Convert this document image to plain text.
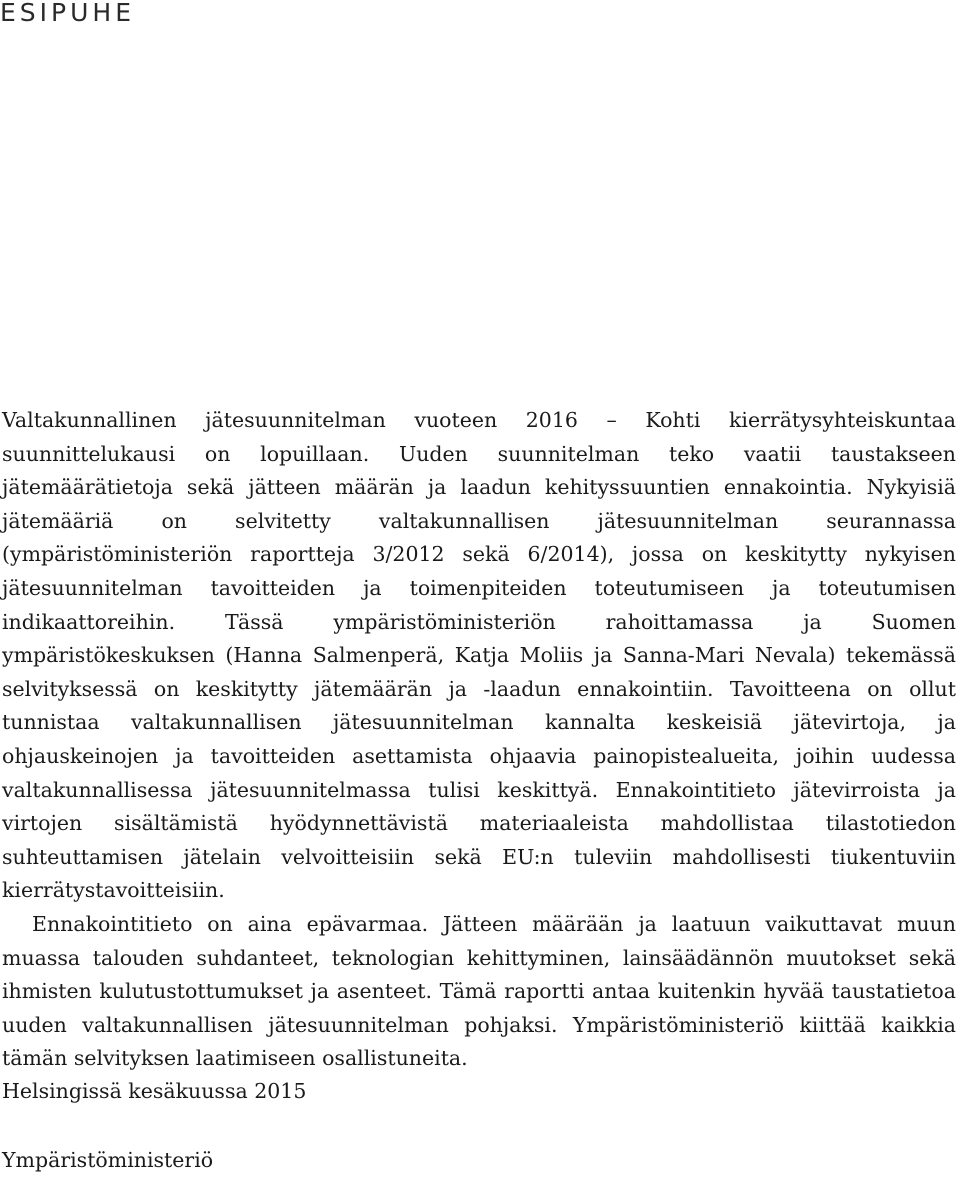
ESIPUHE

Valtakunnallinen jätesuunnitelman vuoteen 2016 – Kohti kierrätysyhteiskuntaa suunnittelukausi on lopuillaan. Uuden suunnitelman teko vaatii taustakseen jätemäärätietoja sekä jätteen määrän ja laadun kehityssuuntien ennakointia. Nykyisiä jätemääriä on selvitetty valtakunnallisen jätesuunnitelman seurannassa (ympäristöministeriön raportteja 3/2012 sekä 6/2014), jossa on keskitytty nykyisen jätesuunnitelman tavoitteiden ja toimenpiteiden toteutumiseen ja toteutumisen indikaattoreihin. Tässä ympäristöministeriön rahoittamassa ja Suomen ympäristökeskuksen (Hanna Salmenperä, Katja Moliis ja Sanna-Mari Nevala) tekemässä selvityksessä on keskitytty jätemäärän ja -laadun ennakointiin. Tavoitteena on ollut tunnistaa valtakunnallisen jätesuunnitelman kannalta keskeisiä jätevirtoja, ja ohjauskeinojen ja tavoitteiden asettamista ohjaavia painopistealueita, joihin uudessa valtakunnallisessa jätesuunnitelmassa tulisi keskittyä. Ennakointitieto jätevirroista ja virtojen sisältämistä hyödynnettävistä materiaaleista mahdollistaa tilastotiedon suhteuttamisen jätelain velvoitteisiin sekä EU:n tuleviin mahdollisesti tiukentuviin kierrätystavoitteisiin.

Ennakointitieto on aina epävarmaa. Jätteen määrään ja laatuun vaikuttavat muun muassa talouden suhdanteet, teknologian kehittyminen, lainsäädännön muutokset sekä ihmisten kulutustottumukset ja asenteet. Tämä raportti antaa kuitenkin hyvää taustatietoa uuden valtakunnallisen jätesuunnitelman pohjaksi. Ympäristöministeriö kiittää kaikkia tämän selvityksen laatimiseen osallistuneita.

Helsingissä kesäkuussa 2015

Ympäristöministeriö
